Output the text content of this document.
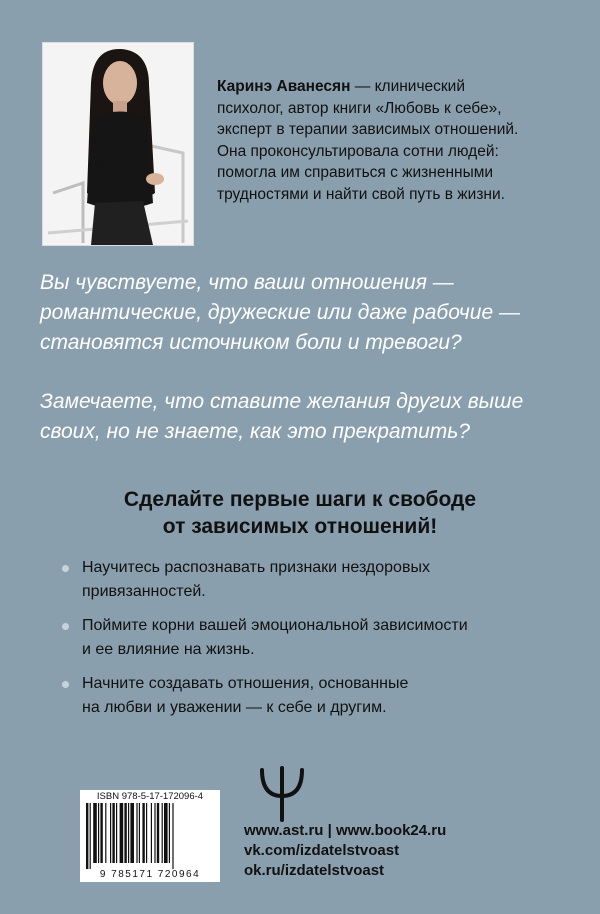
Каринэ Аванесян — клинический
психолог, автор книги «Любовь к себе»,
эксперт в терапии зависимых отношений.
Она проконсультировала сотни людей:
помогла им справиться с жизненными
трудностями и найти свой путь в жизни.
Вы чувствуете, что ваши отношения —
романтические, дружеские или даже рабочие —
становятся источником боли и тревоги?
Замечаете, что ставите желания других выше
своих, но не знаете, как это прекратить?
Сделайте первые шаги к свободе
от зависимых отношений!
Научитесь распознавать признаки нездоровых
привязанностей.
Поймите корни вашей эмоциональной зависимости
и ее влияние на жизнь.
Начните создавать отношения, основанные
на любви и уважении — к себе и другим.
ISBN 978-5-17-172096-4
9 785171 720964
www.ast.ru | www.book24.ru
vk.com/izdatelstvoast
ok.ru/izdatelstvoast
